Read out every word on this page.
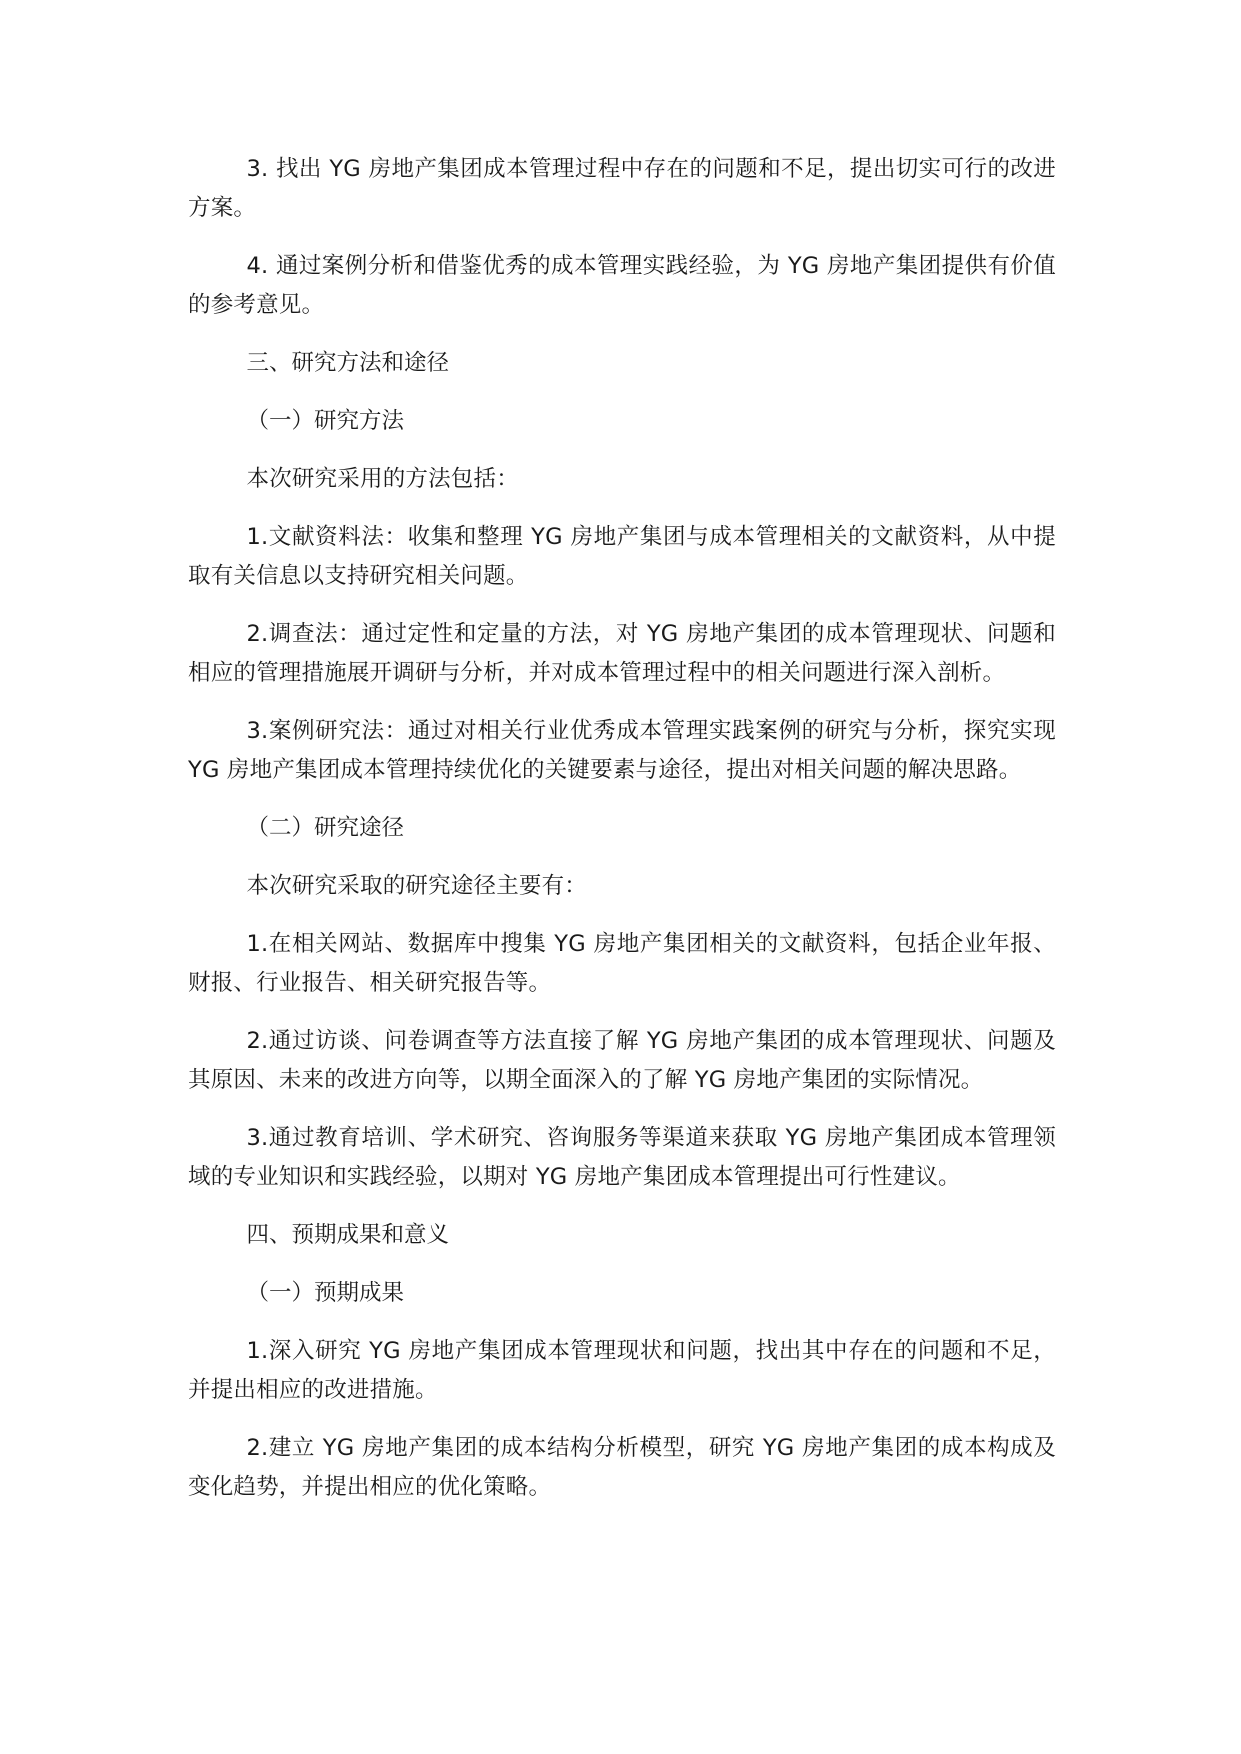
3. 找出 YG 房地产集团成本管理过程中存在的问题和不足，提出切实可行的改进方案。

4. 通过案例分析和借鉴优秀的成本管理实践经验，为 YG 房地产集团提供有价值的参考意见。

三、研究方法和途径

（一）研究方法

本次研究采用的方法包括：

1.文献资料法：收集和整理 YG 房地产集团与成本管理相关的文献资料，从中提取有关信息以支持研究相关问题。

2.调查法：通过定性和定量的方法，对 YG 房地产集团的成本管理现状、问题和相应的管理措施展开调研与分析，并对成本管理过程中的相关问题进行深入剖析。

3.案例研究法：通过对相关行业优秀成本管理实践案例的研究与分析，探究实现 YG 房地产集团成本管理持续优化的关键要素与途径，提出对相关问题的解决思路。

（二）研究途径

本次研究采取的研究途径主要有：

1.在相关网站、数据库中搜集 YG 房地产集团相关的文献资料，包括企业年报、财报、行业报告、相关研究报告等。

2.通过访谈、问卷调查等方法直接了解 YG 房地产集团的成本管理现状、问题及其原因、未来的改进方向等，以期全面深入的了解 YG 房地产集团的实际情况。

3.通过教育培训、学术研究、咨询服务等渠道来获取 YG 房地产集团成本管理领域的专业知识和实践经验，以期对 YG 房地产集团成本管理提出可行性建议。

四、预期成果和意义

（一）预期成果

1.深入研究 YG 房地产集团成本管理现状和问题，找出其中存在的问题和不足，并提出相应的改进措施。

2.建立 YG 房地产集团的成本结构分析模型，研究 YG 房地产集团的成本构成及变化趋势，并提出相应的优化策略。
